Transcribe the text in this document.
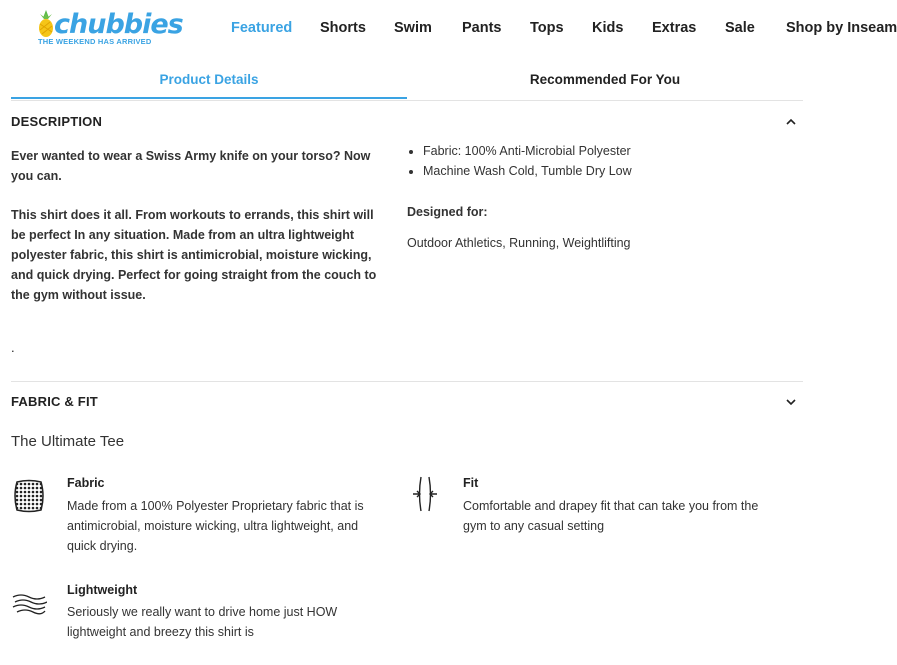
chubbies
THE WEEKEND HAS ARRIVED
Featured Shorts Swim Pants Tops Kids Extras Sale Shop by Inseam
Product Details	Recommended For You
DESCRIPTION

Ever wanted to wear a Swiss Army knife on your torso? Now you can.

This shirt does it all. From workouts to errands, this shirt will be perfect In any situation. Made from an ultra lightweight polyester fabric, this shirt is antimicrobial, moisture wicking, and quick drying. Perfect for going straight from the couch to the gym without issue.

.
• Fabric: 100% Anti-Microbial Polyester
• Machine Wash Cold, Tumble Dry Low
Designed for:
Outdoor Athletics, Running, Weightlifting
FABRIC & FIT
The Ultimate Tee
Fabric
Made from a 100% Polyester Proprietary fabric that is antimicrobial, moisture wicking, ultra lightweight, and quick drying.
Fit
Comfortable and drapey fit that can take you from the gym to any casual setting
Lightweight
Seriously we really want to drive home just HOW lightweight and breezy this shirt is
